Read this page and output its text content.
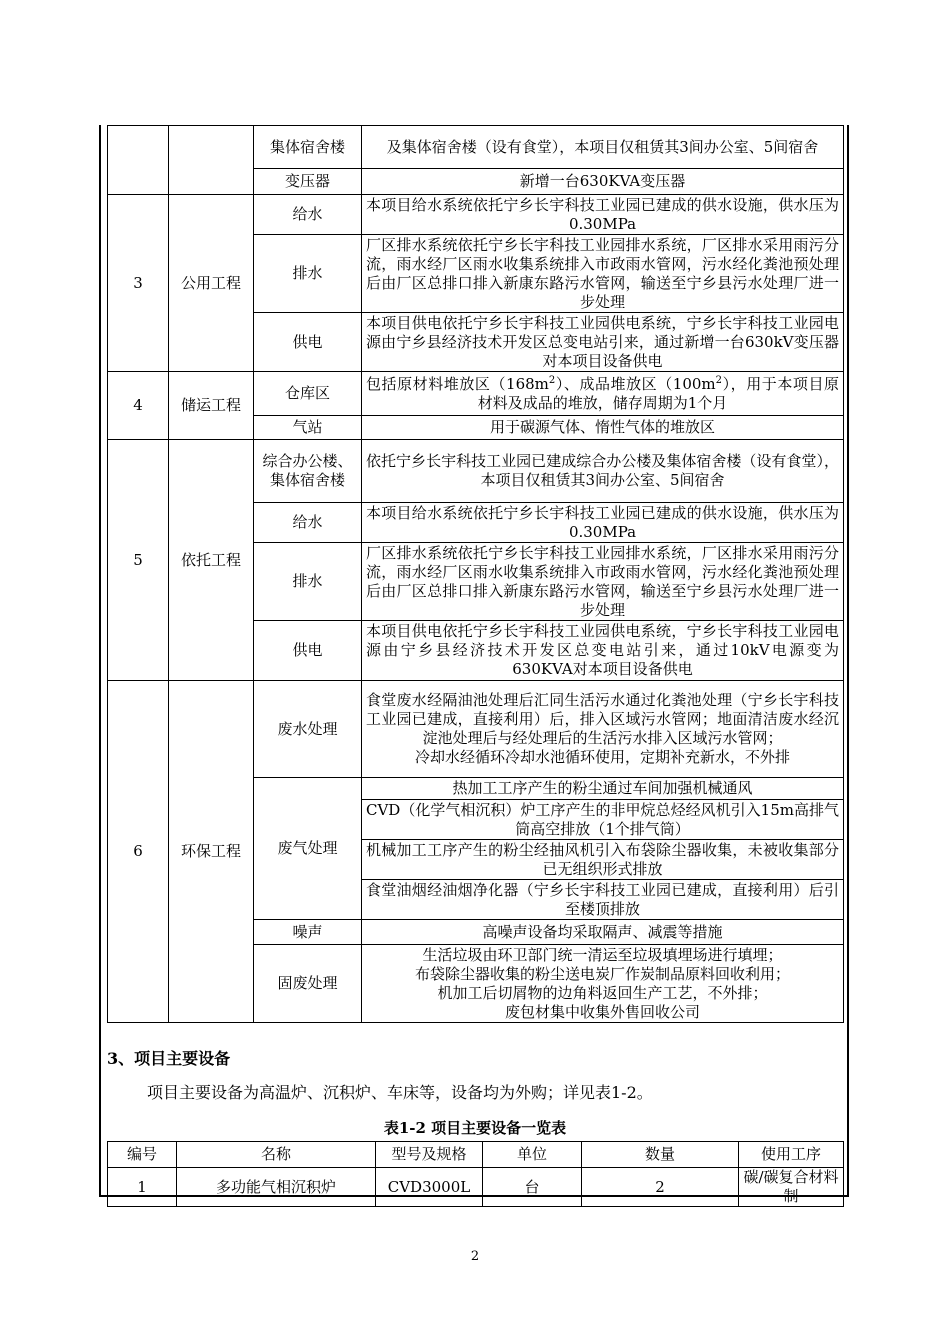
		集体宿舍楼	及集体宿舍楼（设有食堂），本项目仅租赁其3间办公室、5间宿舍
		变压器	新增一台630KVA变压器
3	公用工程	给水	本项目给水系统依托宁乡长宇科技工业园已建成的供水设施，供水压为0.30MPa
		排水	厂区排水系统依托宁乡长宇科技工业园排水系统，厂区排水采用雨污分流，雨水经厂区雨水收集系统排入市政雨水管网，污水经化粪池预处理后由厂区总排口排入新康东路污水管网，输送至宁乡县污水处理厂进一步处理
		供电	本项目供电依托宁乡长宇科技工业园供电系统，宁乡长宇科技工业园电源由宁乡县经济技术开发区总变电站引来，通过新增一台630kV变压器对本项目设备供电
4	储运工程	仓库区	包括原材料堆放区$(168m^2)$、成品堆放区$(100m^2)$，用于本项目原材料及成品的堆放，储存周期为1个月
		气站	用于碳源气体、惰性气体的堆放区
5	依托工程	综合办公楼、集体宿舍楼	依托宁乡长宇科技工业园已建成综合办公楼及集体宿舍楼（设有食堂），本项目仅租赁其3间办公室、5间宿舍
		给水	本项目给水系统依托宁乡长宇科技工业园已建成的供水设施，供水压为0.30MPa
		排水	厂区排水系统依托宁乡长宇科技工业园排水系统，厂区排水采用雨污分流，雨水经厂区雨水收集系统排入市政雨水管网，污水经化粪池预处理后由厂区总排口排入新康东路污水管网，输送至宁乡县污水处理厂进一步处理
		供电	本项目供电依托宁乡长宇科技工业园供电系统，宁乡长宇科技工业园电源由宁乡县经济技术开发区总变电站引来，通过10kV电源变为630KVA对本项目设备供电
6	环保工程	废水处理	食堂废水经隔油池处理后汇同生活污水通过化粪池处理（宁乡长宇科技工业园已建成，直接利用）后，排入区域污水管网；地面清洁废水经沉淀池处理后与经处理后的生活污水排入区域污水管网；
冷却水经循环冷却水池循环使用，定期补充新水，不外排

		废气处理	热加工工序产生的粉尘通过车间加强机械通风
			CVD（化学气相沉积）炉工序产生的非甲烷总烃经风机引入15m高排气筒高空排放（1个排气筒）
			机械加工工序产生的粉尘经抽风机引入布袋除尘器收集，未被收集部分已无组织形式排放
			食堂油烟经油烟净化器（宁乡长宇科技工业园已建成，直接利用）后引至楼顶排放
		噪声	高噪声设备均采取隔声、减震等措施
		固废处理	生活垃圾由环卫部门统一清运至垃圾填埋场进行填埋；
布袋除尘器收集的粉尘送电炭厂作炭制品原料回收利用；
机加工后切屑物的边角料返回生产工艺，不外排；
废包材集中收集外售回收公司
3、项目主要设备
项目主要设备为高温炉、沉积炉、车床等，设备均为外购；详见表1-2。
表1-2 项目主要设备一览表
编号	名称	型号及规格	单位	数量	使用工序
1	多功能气相沉积炉	CVD3000L	台	2	碳/碳复合材料制
2
